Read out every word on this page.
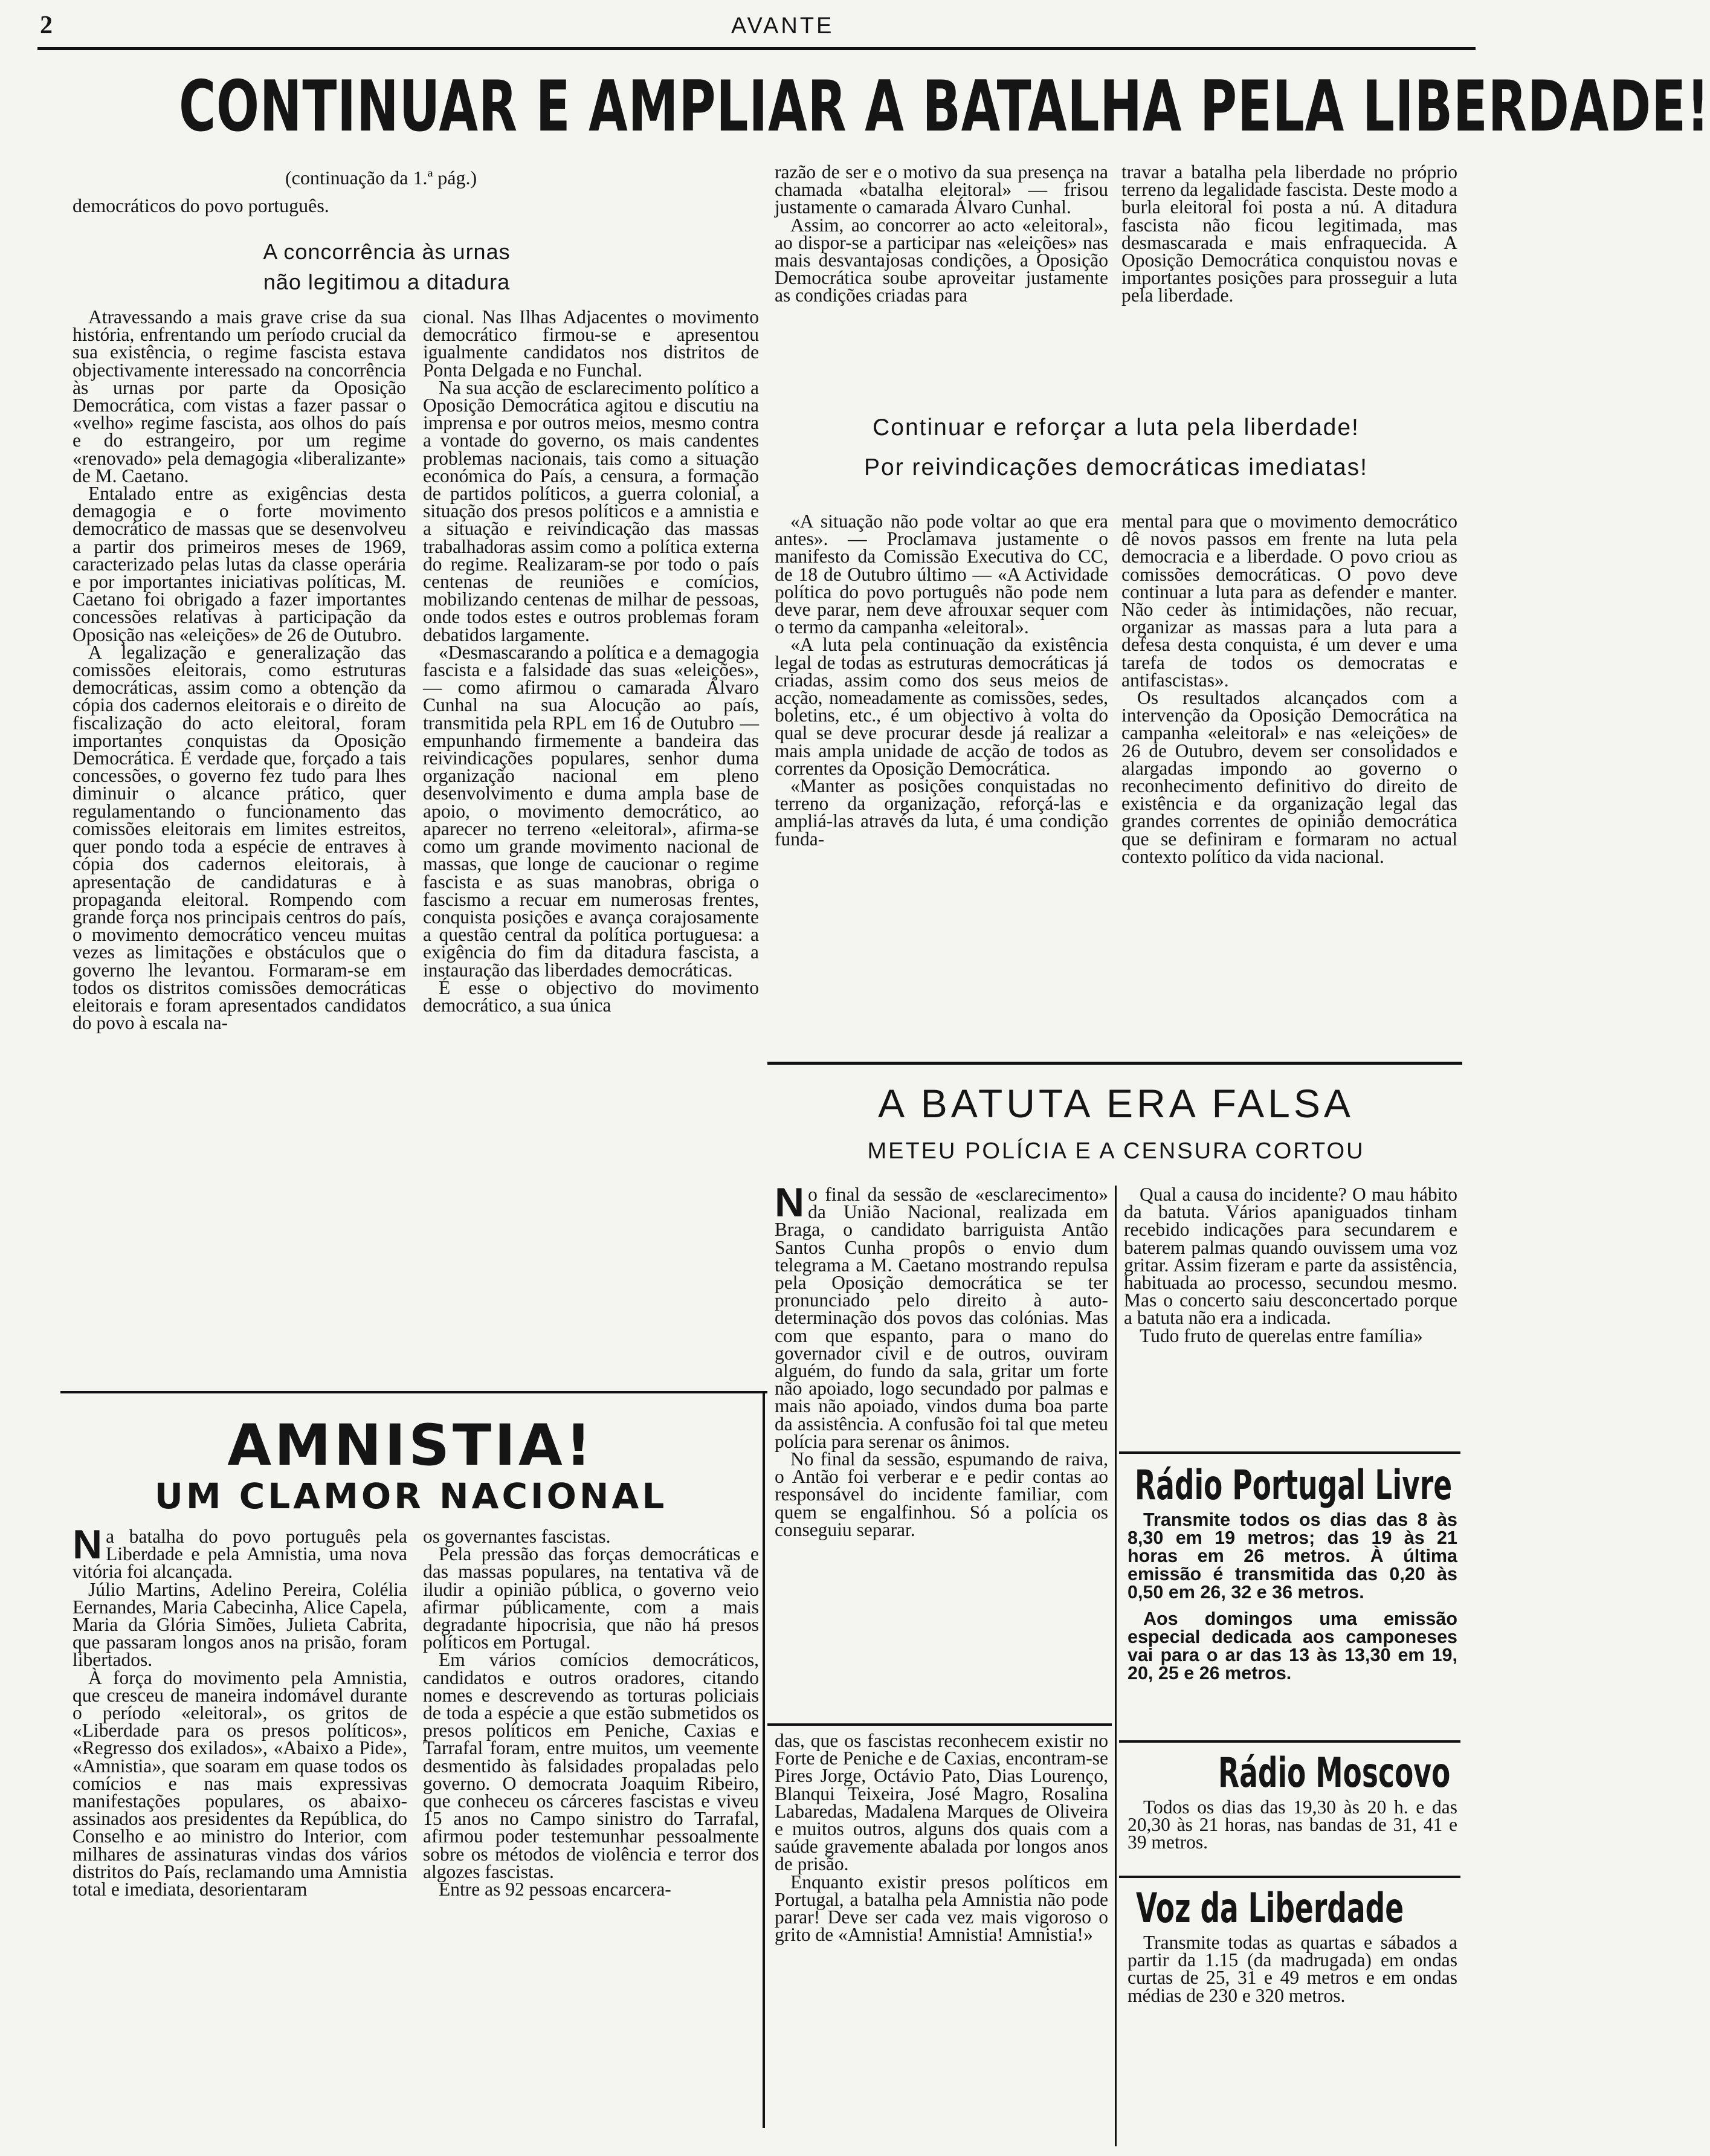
2	AVANTE
CONTINUAR E AMPLIAR A BATALHA PELA LIBERDADE!
(continuação da 1.ª pág.)
democráticos do povo português.
A concorrência às urnas
não legitimou a ditadura

Atravessando a mais grave crise da sua história, enfrentando um período crucial da sua existência, o regime fascista estava objectivamente interessado na concorrência às urnas por parte da Oposição Democrática, com vistas a fazer passar o «velho» regime fascista, aos olhos do país e do estrangeiro, por um regime «renovado» pela demagogia «liberalizante» de M. Caetano.

Entalado entre as exigências desta demagogia e o forte movimento democrático de massas que se desenvolveu a partir dos primeiros meses de 1969, caracterizado pelas lutas da classe operária e por importantes iniciativas políticas, M. Caetano foi obrigado a fazer importantes concessões relativas à participação da Oposição nas «eleições» de 26 de Outubro.

A legalização e generalização das comissões eleitorais, como estruturas democráticas, assim como a obtenção da cópia dos cadernos eleitorais e o direito de fiscalização do acto eleitoral, foram importantes conquistas da Oposição Democrática. É verdade que, forçado a tais concessões, o governo fez tudo para lhes diminuir o alcance prático, quer regulamentando o funcionamento das comissões eleitorais em limites estreitos, quer pondo toda a espécie de entraves à cópia dos cadernos eleitorais, à apresentação de candidaturas e à propaganda eleitoral. Rompendo com grande força nos principais centros do país, o movimento democrático venceu muitas vezes as limitações e obstáculos que o governo lhe levantou. Formaram-se em todos os distritos comissões democráticas eleitorais e foram apresentados candidatos do povo à escala na-

cional. Nas Ilhas Adjacentes o movimento democrático firmou-se e apresentou igualmente candidatos nos distritos de Ponta Delgada e no Funchal.

Na sua acção de esclarecimento político a Oposição Democrática agitou e discutiu na imprensa e por outros meios, mesmo contra a vontade do governo, os mais candentes problemas nacionais, tais como a situação económica do País, a censura, a formação de partidos políticos, a guerra colonial, a situação dos presos políticos e a amnistia e a situação e reivindicação das massas trabalhadoras assim como a política externa do regime. Realizaram-se por todo o país centenas de reuniões e comícios, mobilizando centenas de milhar de pessoas, onde todos estes e outros problemas foram debatidos largamente.

«Desmascarando a política e a demagogia fascista e a falsidade das suas «eleições», — como afirmou o camarada Álvaro Cunhal na sua Alocução ao país, transmitida pela RPL em 16 de Outubro — empunhando firmemente a bandeira das reivindicações populares, senhor duma organização nacional em pleno desenvolvimento e duma ampla base de apoio, o movimento democrático, ao aparecer no terreno «eleitoral», afirma-se como um grande movimento nacional de massas, que longe de caucionar o regime fascista e as suas manobras, obriga o fascismo a recuar em numerosas frentes, conquista posições e avança corajosamente a questão central da política portuguesa: a exigência do fim da ditadura fascista, a instauração das liberdades democráticas.

É esse o objectivo do movimento democrático, a sua única

razão de ser e o motivo da sua presença na chamada «batalha eleitoral» — frisou justamente o camarada Álvaro Cunhal.

Assim, ao concorrer ao acto «eleitoral», ao dispor-se a participar nas «eleições» nas mais desvantajosas condições, a Oposição Democrática soube aproveitar justamente as condições criadas para

travar a batalha pela liberdade no próprio terreno da legalidade fascista. Deste modo a burla eleitoral foi posta a nú. A ditadura fascista não ficou legitimada, mas desmascarada e mais enfraquecida. A Oposição Democrática conquistou novas e importantes posições para prosseguir a luta pela liberdade.

Continuar e reforçar a luta pela liberdade!
Por reivindicações democráticas imediatas!

«A situação não pode voltar ao que era antes». — Proclamava justamente o manifesto da Comissão Executiva do CC, de 18 de Outubro último — «A Actividade política do povo português não pode nem deve parar, nem deve afrouxar sequer com o termo da campanha «eleitoral».

«A luta pela continuação da existência legal de todas as estruturas democráticas já criadas, assim como dos seus meios de acção, nomeadamente as comissões, sedes, boletins, etc., é um objectivo à volta do qual se deve procurar desde já realizar a mais ampla unidade de acção de todos as correntes da Oposição Democrática.

«Manter as posições conquistadas no terreno da organização, reforçá-las e ampliá-las através da luta, é uma condição funda-

mental para que o movimento democrático dê novos passos em frente na luta pela democracia e a liberdade. O povo criou as comissões democráticas. O povo deve continuar a luta para as defender e manter. Não ceder às intimidações, não recuar, organizar as massas para a luta para a defesa desta conquista, é um dever e uma tarefa de todos os democratas e antifascistas».

Os resultados alcançados com a intervenção da Oposição Democrática na campanha «eleitoral» e nas «eleições» de 26 de Outubro, devem ser consolidados e alargadas impondo ao governo o reconhecimento definitivo do direito de existência e da organização legal das grandes correntes de opinião democrática que se definiram e formaram no actual contexto político da vida nacional.

A BATUTA ERA FALSA
METEU POLÍCIA E A CENSURA CORTOU

No final da sessão de «esclarecimento» da União Nacional, realizada em Braga, o candidato barriguista Antão Santos Cunha propôs o envio dum telegrama a M. Caetano mostrando repulsa pela Oposição democrática se ter pronunciado pelo direito à auto-determinação dos povos das colónias. Mas com que espanto, para o mano do governador civil e de outros, ouviram alguém, do fundo da sala, gritar um forte não apoiado, logo secundado por palmas e mais não apoiado, vindos duma boa parte da assistência. A confusão foi tal que meteu polícia para serenar os ânimos.

No final da sessão, espumando de raiva, o Antão foi verberar e e pedir contas ao responsável do incidente familiar, com quem se engalfinhou. Só a polícia os conseguiu separar.

Qual a causa do incidente? O mau hábito da batuta. Vários apaniguados tinham recebido indicações para secundarem e baterem palmas quando ouvissem uma voz gritar. Assim fizeram e parte da assistência, habituada ao processo, secundou mesmo. Mas o concerto saiu desconcertado porque a batuta não era a indicada.

Tudo fruto de querelas entre família»

AMNISTIA!
UM CLAMOR NACIONAL

Na batalha do povo português pela Liberdade e pela Amnistia, uma nova vitória foi alcançada.

Júlio Martins, Adelino Pereira, Colélia Eernandes, Maria Cabecinha, Alice Capela, Maria da Glória Simões, Julieta Cabrita, que passaram longos anos na prisão, foram libertados.

À força do movimento pela Amnistia, que cresceu de maneira indomável durante o período «eleitoral», os gritos de «Liberdade para os presos políticos», «Regresso dos exilados», «Abaixo a Pide», «Amnistia», que soaram em quase todos os comícios e nas mais expressivas manifestações populares, os abaixo-assinados aos presidentes da República, do Conselho e ao ministro do Interior, com milhares de assinaturas vindas dos vários distritos do País, reclamando uma Amnistia total e imediata, desorientaram

os governantes fascistas.

Pela pressão das forças democráticas e das massas populares, na tentativa vã de iludir a opinião pública, o governo veio afirmar públicamente, com a mais degradante hipocrisia, que não há presos políticos em Portugal.

Em vários comícios democráticos, candidatos e outros oradores, citando nomes e descrevendo as torturas policiais de toda a espécie a que estão submetidos os presos políticos em Peniche, Caxias e Tarrafal foram, entre muitos, um veemente desmentido às falsidades propaladas pelo governo. O democrata Joaquim Ribeiro, que conheceu os cárceres fascistas e viveu 15 anos no Campo sinistro do Tarrafal, afirmou poder testemunhar pessoalmente sobre os métodos de violência e terror dos algozes fascistas.

Entre as 92 pessoas encarcera-

das, que os fascistas reconhecem existir no Forte de Peniche e de Caxias, encontram-se Pires Jorge, Octávio Pato, Dias Lourenço, Blanqui Teixeira, José Magro, Rosalina Labaredas, Madalena Marques de Oliveira e muitos outros, alguns dos quais com a saúde gravemente abalada por longos anos de prisão.

Enquanto existir presos políticos em Portugal, a batalha pela Amnistia não pode parar! Deve ser cada vez mais vigoroso o grito de «Amnistia! Amnistia! Amnistia!»

Rádio Portugal Livre

Transmite todos os dias das 8 às 8,30 em 19 metros; das 19 às 21 horas em 26 metros. À última emissão é transmitida das 0,20 às 0,50 em 26, 32 e 36 metros.

Aos domingos uma emissão especial dedicada aos camponeses vai para o ar das 13 às 13,30 em 19, 20, 25 e 26 metros.

Rádio Moscovo

Todos os dias das 19,30 às 20 h. e das 20,30 às 21 horas, nas bandas de 31, 41 e 39 metros.

Voz da Liberdade

Transmite todas as quartas e sábados a partir da 1.15 (da madrugada) em ondas curtas de 25, 31 e 49 metros e em ondas médias de 230 e 320 metros.
